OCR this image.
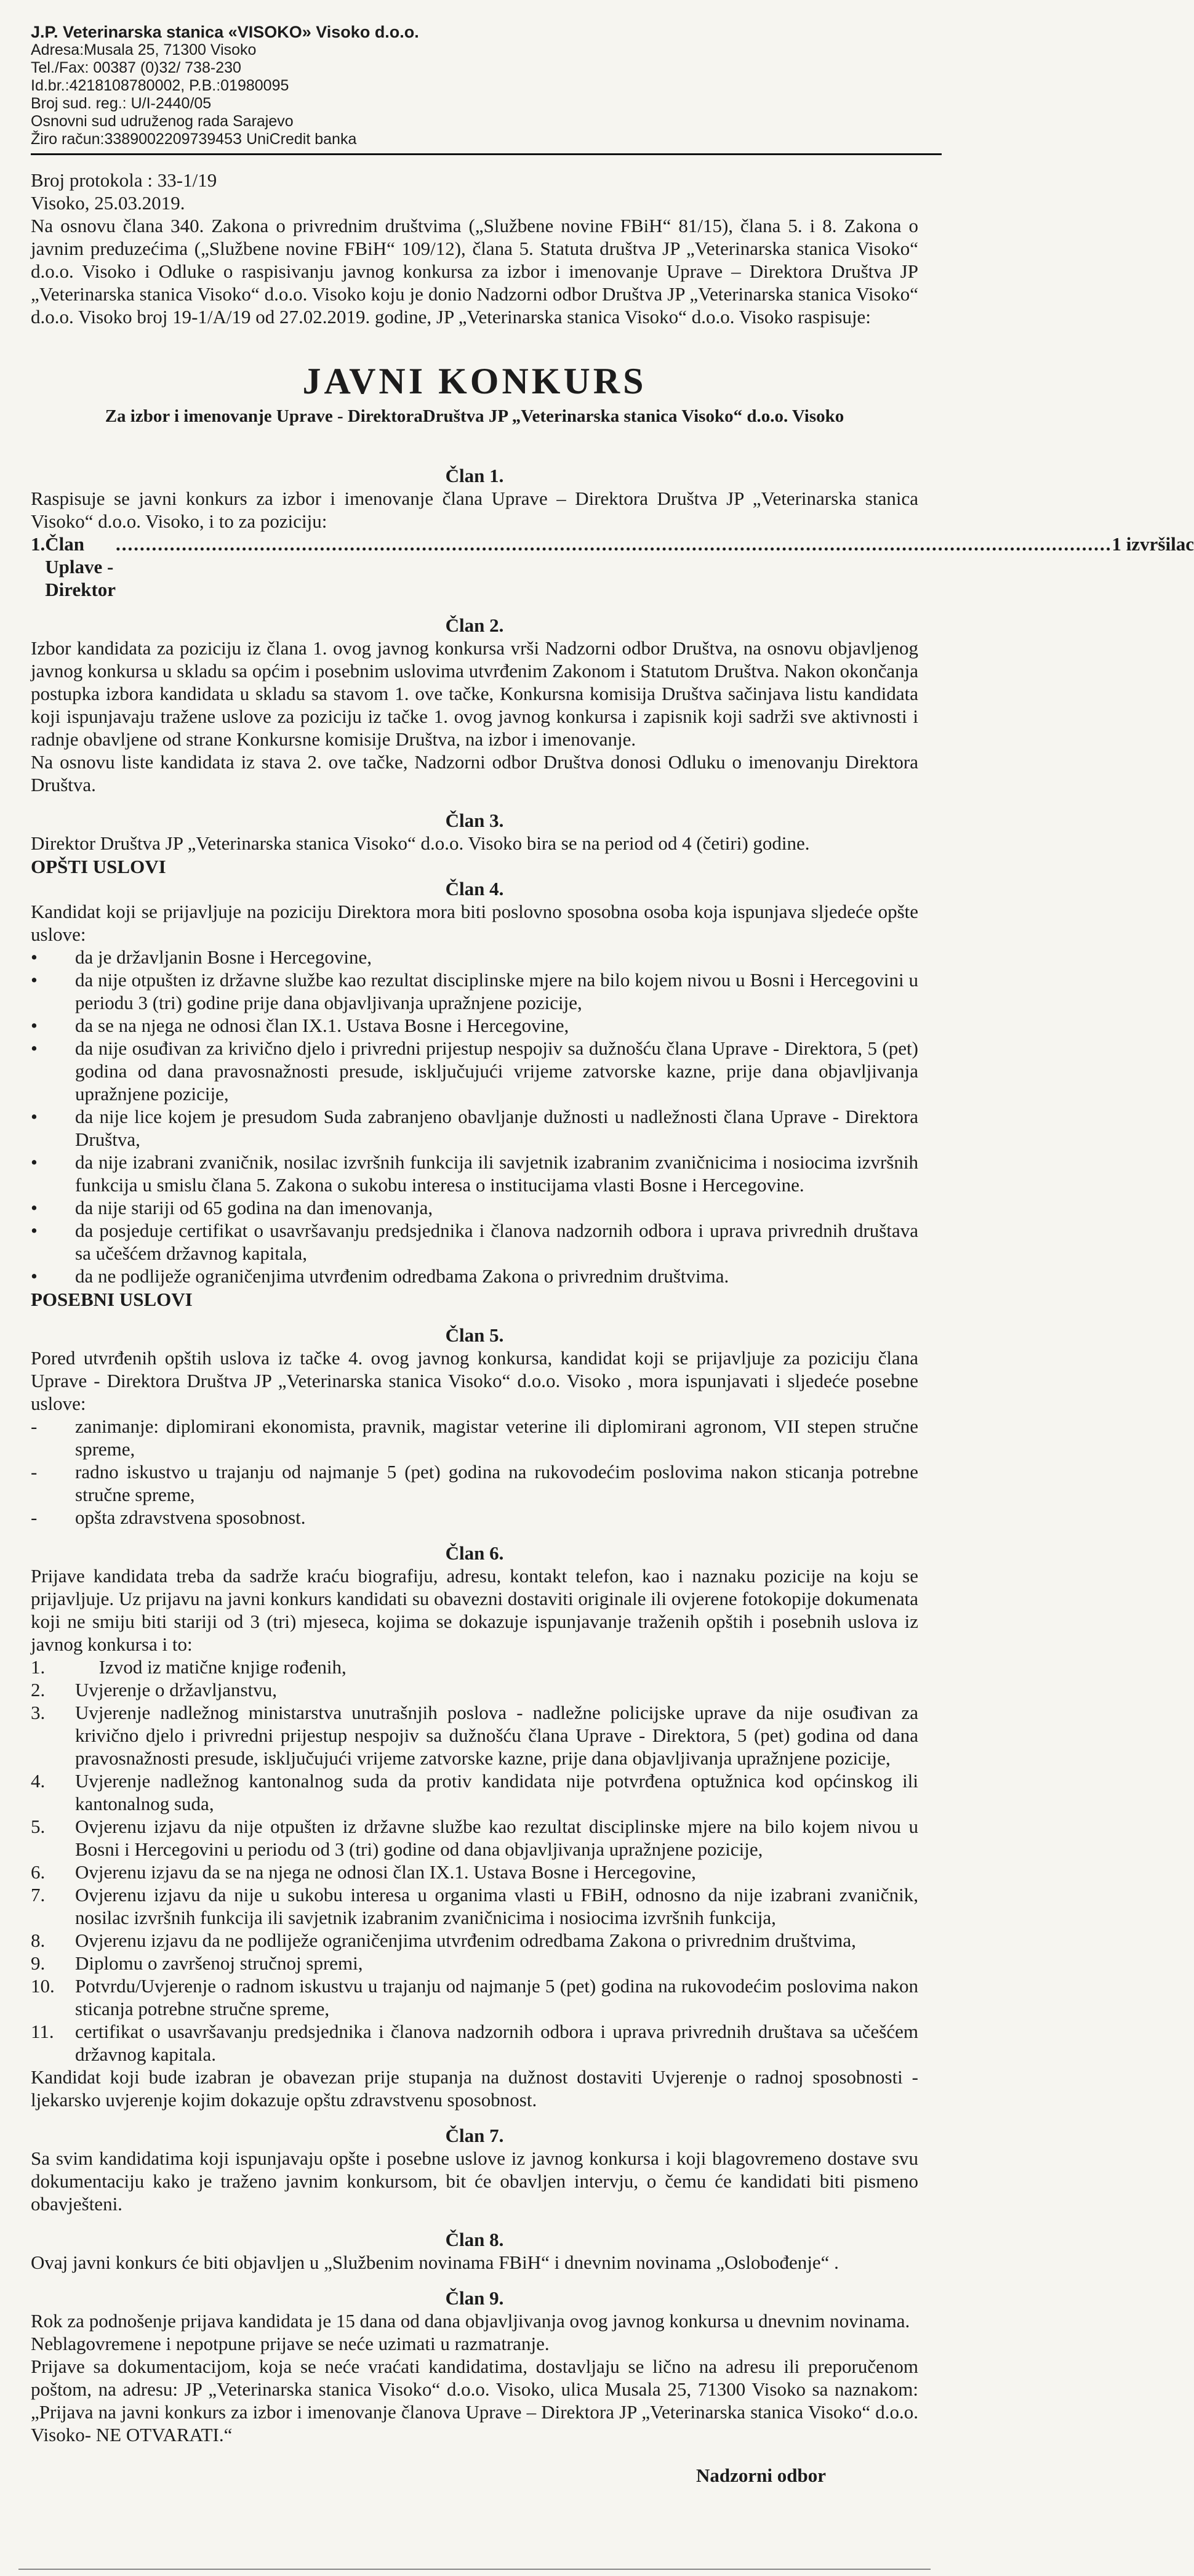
J.P. Veterinarska stanica «VISOKO» Visoko d.o.o.
Adresa:Musala 25, 71300 Visoko
Tel./Fax: 00387 (0)32/ 738-230
Id.br.:4218108780002, P.B.:01980095
Broj sud. reg.: U/I-2440/05
Osnovni sud udruženog rada Sarajevo
Žiro račun:338900220973945З UniCredit banka
Broj protokola : 33-1/19
Visoko, 25.03.2019.
Na osnovu člana 340. Zakona o privrednim društvima („Službene novine FBiH“ 81/15), člana 5. i 8. Zakona o javnim preduzećima („Službene novine FBiH“ 109/12), člana 5. Statuta društva JP „Veterinarska stanica Visoko“ d.o.o. Visoko i Odluke o raspisivanju javnog konkursa za izbor i imenovanje Uprave – Direktora Društva JP „Veterinarska stanica Visoko“ d.o.o. Visoko koju je donio Nadzorni odbor Društva JP „Veterinarska stanica Visoko“ d.o.o. Visoko broj 19-1/A/19 od 27.02.2019. godine, JP „Veterinarska stanica Visoko“ d.o.o. Visoko raspisuje:
JAVNI KONKURS
Za izbor i imenovanje Uprave - DirektoraDruštva JP „Veterinarska stanica Visoko“ d.o.o. Visoko
Član 1.
Raspisuje se javni konkurs za izbor i imenovanje člana Uprave – Direktora Društva JP „Veterinarska stanica Visoko“ d.o.o. Visoko, i to za poziciju:
1. Član Uplave - Direktor
...................................................................................................................................................................... 1 izvršilac
Član 2.
Izbor kandidata za poziciju iz člana 1. ovog javnog konkursa vrši Nadzorni odbor Društva, na osnovu objavljenog javnog konkursa u skladu sa općim i posebnim uslovima utvrđenim Zakonom i Statutom Društva. Nakon okončanja postupka izbora kandidata u skladu sa stavom 1. ove tačke, Konkursna komisija Društva sačinjava listu kandidata koji ispunjavaju tražene uslove za poziciju iz tačke 1. ovog javnog konkursa i zapisnik koji sadrži sve aktivnosti i radnje obavljene od strane Konkursne komisije Društva, na izbor i imenovanje.
Na osnovu liste kandidata iz stava 2. ove tačke, Nadzorni odbor Društva donosi Odluku o imenovanju Direktora Društva.
Član 3.
Direktor Društva JP „Veterinarska stanica Visoko“ d.o.o. Visoko bira se na period od 4 (četiri) godine.
OPŠTI USLOVI
Član 4.
Kandidat koji se prijavljuje na poziciju Direktora mora biti poslovno sposobna osoba koja ispunjava sljedeće opšte uslove:
• da je državljanin Bosne i Hercegovine,
• da nije otpušten iz državne službe kao rezultat disciplinske mjere na bilo kojem nivou u Bosni i Hercegovini u periodu 3 (tri) godine prije dana objavljivanja upražnjene pozicije,
• da se na njega ne odnosi član IX.1. Ustava Bosne i Hercegovine,
• da nije osuđivan za krivično djelo i privredni prijestup nespojiv sa dužnošću člana Uprave - Direktora, 5 (pet) godina od dana pravosnažnosti presude, isključujući vrijeme zatvorske kazne, prije dana objavljivanja upražnjene pozicije,
• da nije lice kojem je presudom Suda zabranjeno obavljanje dužnosti u nadležnosti člana Uprave - Direktora Društva,
• da nije izabrani zvaničnik, nosilac izvršnih funkcija ili savjetnik izabranim zvaničnicima i nosiocima izvršnih funkcija u smislu člana 5. Zakona o sukobu interesa o institucijama vlasti Bosne i Hercegovine.
• da nije stariji od 65 godina na dan imenovanja,
• da posjeduje certifikat o usavršavanju predsjednika i članova nadzornih odbora i uprava privrednih društava sa učešćem državnog kapitala,
• da ne podliježe ograničenjima utvrđenim odredbama Zakona o privrednim društvima.
POSEBNI USLOVI
Član 5.
Pored utvrđenih opštih uslova iz tačke 4. ovog javnog konkursa, kandidat koji se prijavljuje za poziciju člana Uprave - Direktora Društva JP „Veterinarska stanica Visoko“ d.o.o. Visoko , mora ispunjavati i sljedeće posebne uslove:
- zanimanje: diplomirani ekonomista, pravnik, magistar veterine ili diplomirani agronom, VII stepen stručne spreme,
- radno iskustvo u trajanju od najmanje 5 (pet) godina na rukovodećim poslovima nakon sticanja potrebne stručne spreme,
- opšta zdravstvena sposobnost.
Član 6.
Prijave kandidata treba da sadrže kraću biografiju, adresu, kontakt telefon, kao i naznaku pozicije na koju se prijavljuje. Uz prijavu na javni konkurs kandidati su obavezni dostaviti originale ili ovjerene fotokopije dokumenata koji ne smiju biti stariji od 3 (tri) mjeseca, kojima se dokazuje ispunjavanje traženih opštih i posebnih uslova iz javnog konkursa i to:
1. Izvod iz matične knjige rođenih,
2. Uvjerenje o državljanstvu,
3. Uvjerenje nadležnog ministarstva unutrašnjih poslova - nadležne policijske uprave da nije osuđivan za krivično djelo i privredni prijestup nespojiv sa dužnošću člana Uprave - Direktora, 5 (pet) godina od dana pravosnažnosti presude, isključujući vrijeme zatvorske kazne, prije dana objavljivanja upražnjene pozicije,
4. Uvjerenje nadležnog kantonalnog suda da protiv kandidata nije potvrđena optužnica kod općinskog ili kantonalnog suda,
5. Ovjerenu izjavu da nije otpušten iz državne službe kao rezultat disciplinske mjere na bilo kojem nivou u Bosni i Hercegovini u periodu od 3 (tri) godine od dana objavljivanja upražnjene pozicije,
6. Ovjerenu izjavu da se na njega ne odnosi član IX.1. Ustava Bosne i Hercegovine,
7. Ovjerenu izjavu da nije u sukobu interesa u organima vlasti u FBiH, odnosno da nije izabrani zvaničnik, nosilac izvršnih funkcija ili savjetnik izabranim zvaničnicima i nosiocima izvršnih funkcija,
8. Ovjerenu izjavu da ne podliježe ograničenjima utvrđenim odredbama Zakona o privrednim društvima,
9. Diplomu o završenoj stručnoj spremi,
10. Potvrdu/Uvjerenje o radnom iskustvu u trajanju od najmanje 5 (pet) godina na rukovodećim poslovima nakon sticanja potrebne stručne spreme,
11. certifikat o usavršavanju predsjednika i članova nadzornih odbora i uprava privrednih društava sa učešćem državnog kapitala.
Kandidat koji bude izabran je obavezan prije stupanja na dužnost dostaviti Uvjerenje o radnoj sposobnosti - ljekarsko uvjerenje kojim dokazuje opštu zdravstvenu sposobnost.
Član 7.
Sa svim kandidatima koji ispunjavaju opšte i posebne uslove iz javnog konkursa i koji blagovremeno dostave svu dokumentaciju kako je traženo javnim konkursom, bit će obavljen intervju, o čemu će kandidati biti pismeno obavješteni.
Član 8.
Ovaj javni konkurs će biti objavljen u „Službenim novinama FBiH“ i dnevnim novinama „Oslobođenje“ .
Član 9.
Rok za podnošenje prijava kandidata je 15 dana od dana objavljivanja ovog javnog konkursa u dnevnim novinama.
Neblagovremene i nepotpune prijave se neće uzimati u razmatranje.
Prijave sa dokumentacijom, koja se neće vraćati kandidatima, dostavljaju se lično na adresu ili preporučenom poštom, na adresu: JP „Veterinarska stanica Visoko“ d.o.o. Visoko, ulica Musala 25, 71300 Visoko sa naznakom: „Prijava na javni konkurs za izbor i imenovanje članova Uprave – Direktora JP „Veterinarska stanica Visoko“ d.o.o. Visoko- NE OTVARATI.“
Nadzorni odbor
